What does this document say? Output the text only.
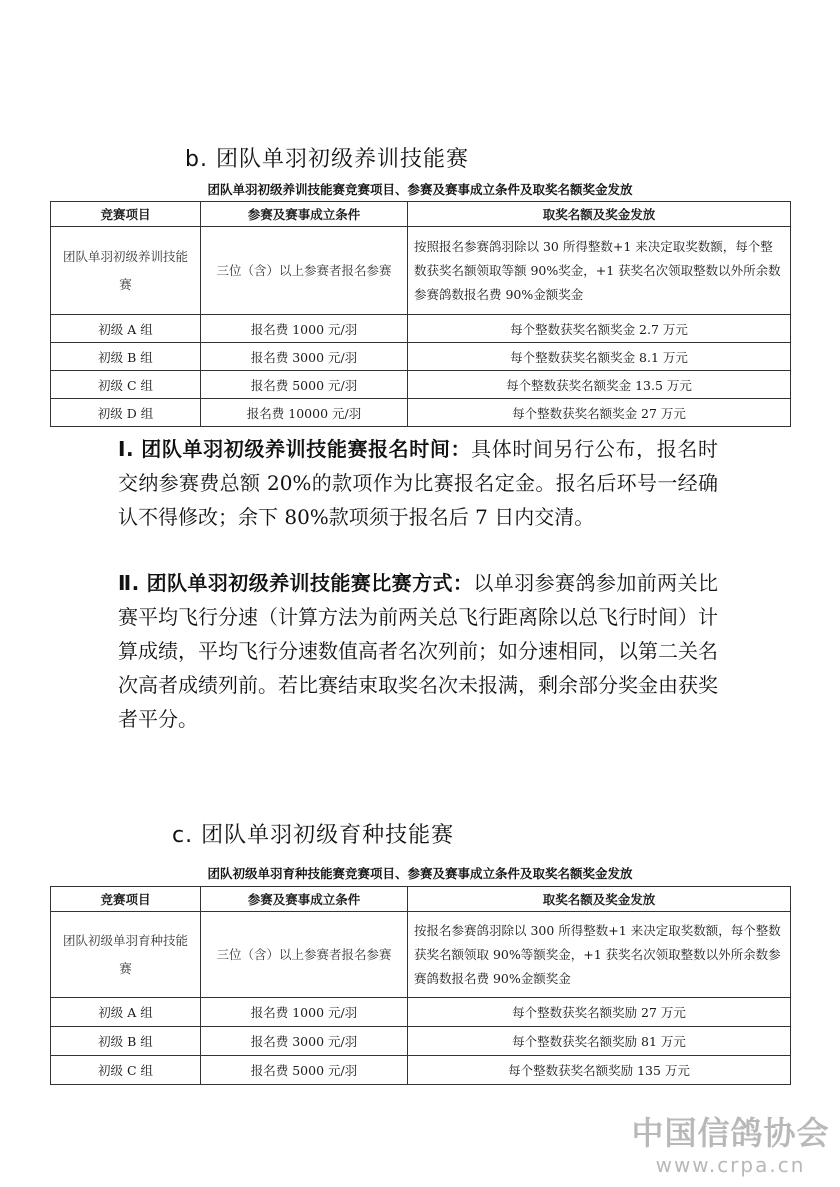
b. 团队单羽初级养训技能赛
团队单羽初级养训技能赛竞赛项目、参赛及赛事成立条件及取奖名额奖金发放
竞赛项目	参赛及赛事成立条件	取奖名额及奖金发放
团队单羽初级养训技能赛	三位（含）以上参赛者报名参赛	按照报名参赛鸽羽除以 30 所得整数+1 来决定取奖数额，每个整数获奖名额领取等额 90%奖金，+1 获奖名次领取整数以外所余数参赛鸽数报名费 90%金额奖金
初级 A 组	报名费 1000 元/羽	每个整数获奖名额奖金 2.7 万元
初级 B 组	报名费 3000 元/羽	每个整数获奖名额奖金 8.1 万元
初级 C 组	报名费 5000 元/羽	每个整数获奖名额奖金 13.5 万元
初级 D 组	报名费 10000 元/羽	每个整数获奖名额奖金 27 万元
Ⅰ. 团队单羽初级养训技能赛报名时间：具体时间另行公布，报名时交纳参赛费总额 20%的款项作为比赛报名定金。报名后环号一经确认不得修改；余下 80%款项须于报名后 7 日内交清。
Ⅱ. 团队单羽初级养训技能赛比赛方式：以单羽参赛鸽参加前两关比赛平均飞行分速（计算方法为前两关总飞行距离除以总飞行时间）计算成绩，平均飞行分速数值高者名次列前；如分速相同，以第二关名次高者成绩列前。若比赛结束取奖名次未报满，剩余部分奖金由获奖者平分。
c. 团队单羽初级育种技能赛
团队初级单羽育种技能赛竞赛项目、参赛及赛事成立条件及取奖名额奖金发放
竞赛项目	参赛及赛事成立条件	取奖名额及奖金发放
团队初级单羽育种技能赛	三位（含）以上参赛者报名参赛	按报名参赛鸽羽除以 300 所得整数+1 来决定取奖数额，每个整数获奖名额领取 90%等额奖金，+1 获奖名次领取整数以外所余数参赛鸽数报名费 90%金额奖金
初级 A 组	报名费 1000 元/羽	每个整数获奖名额奖励 27 万元
初级 B 组	报名费 3000 元/羽	每个整数获奖名额奖励 81 万元
初级 C 组	报名费 5000 元/羽	每个整数获奖名额奖励 135 万元
中国信鸽协会
www.crpa.cn
